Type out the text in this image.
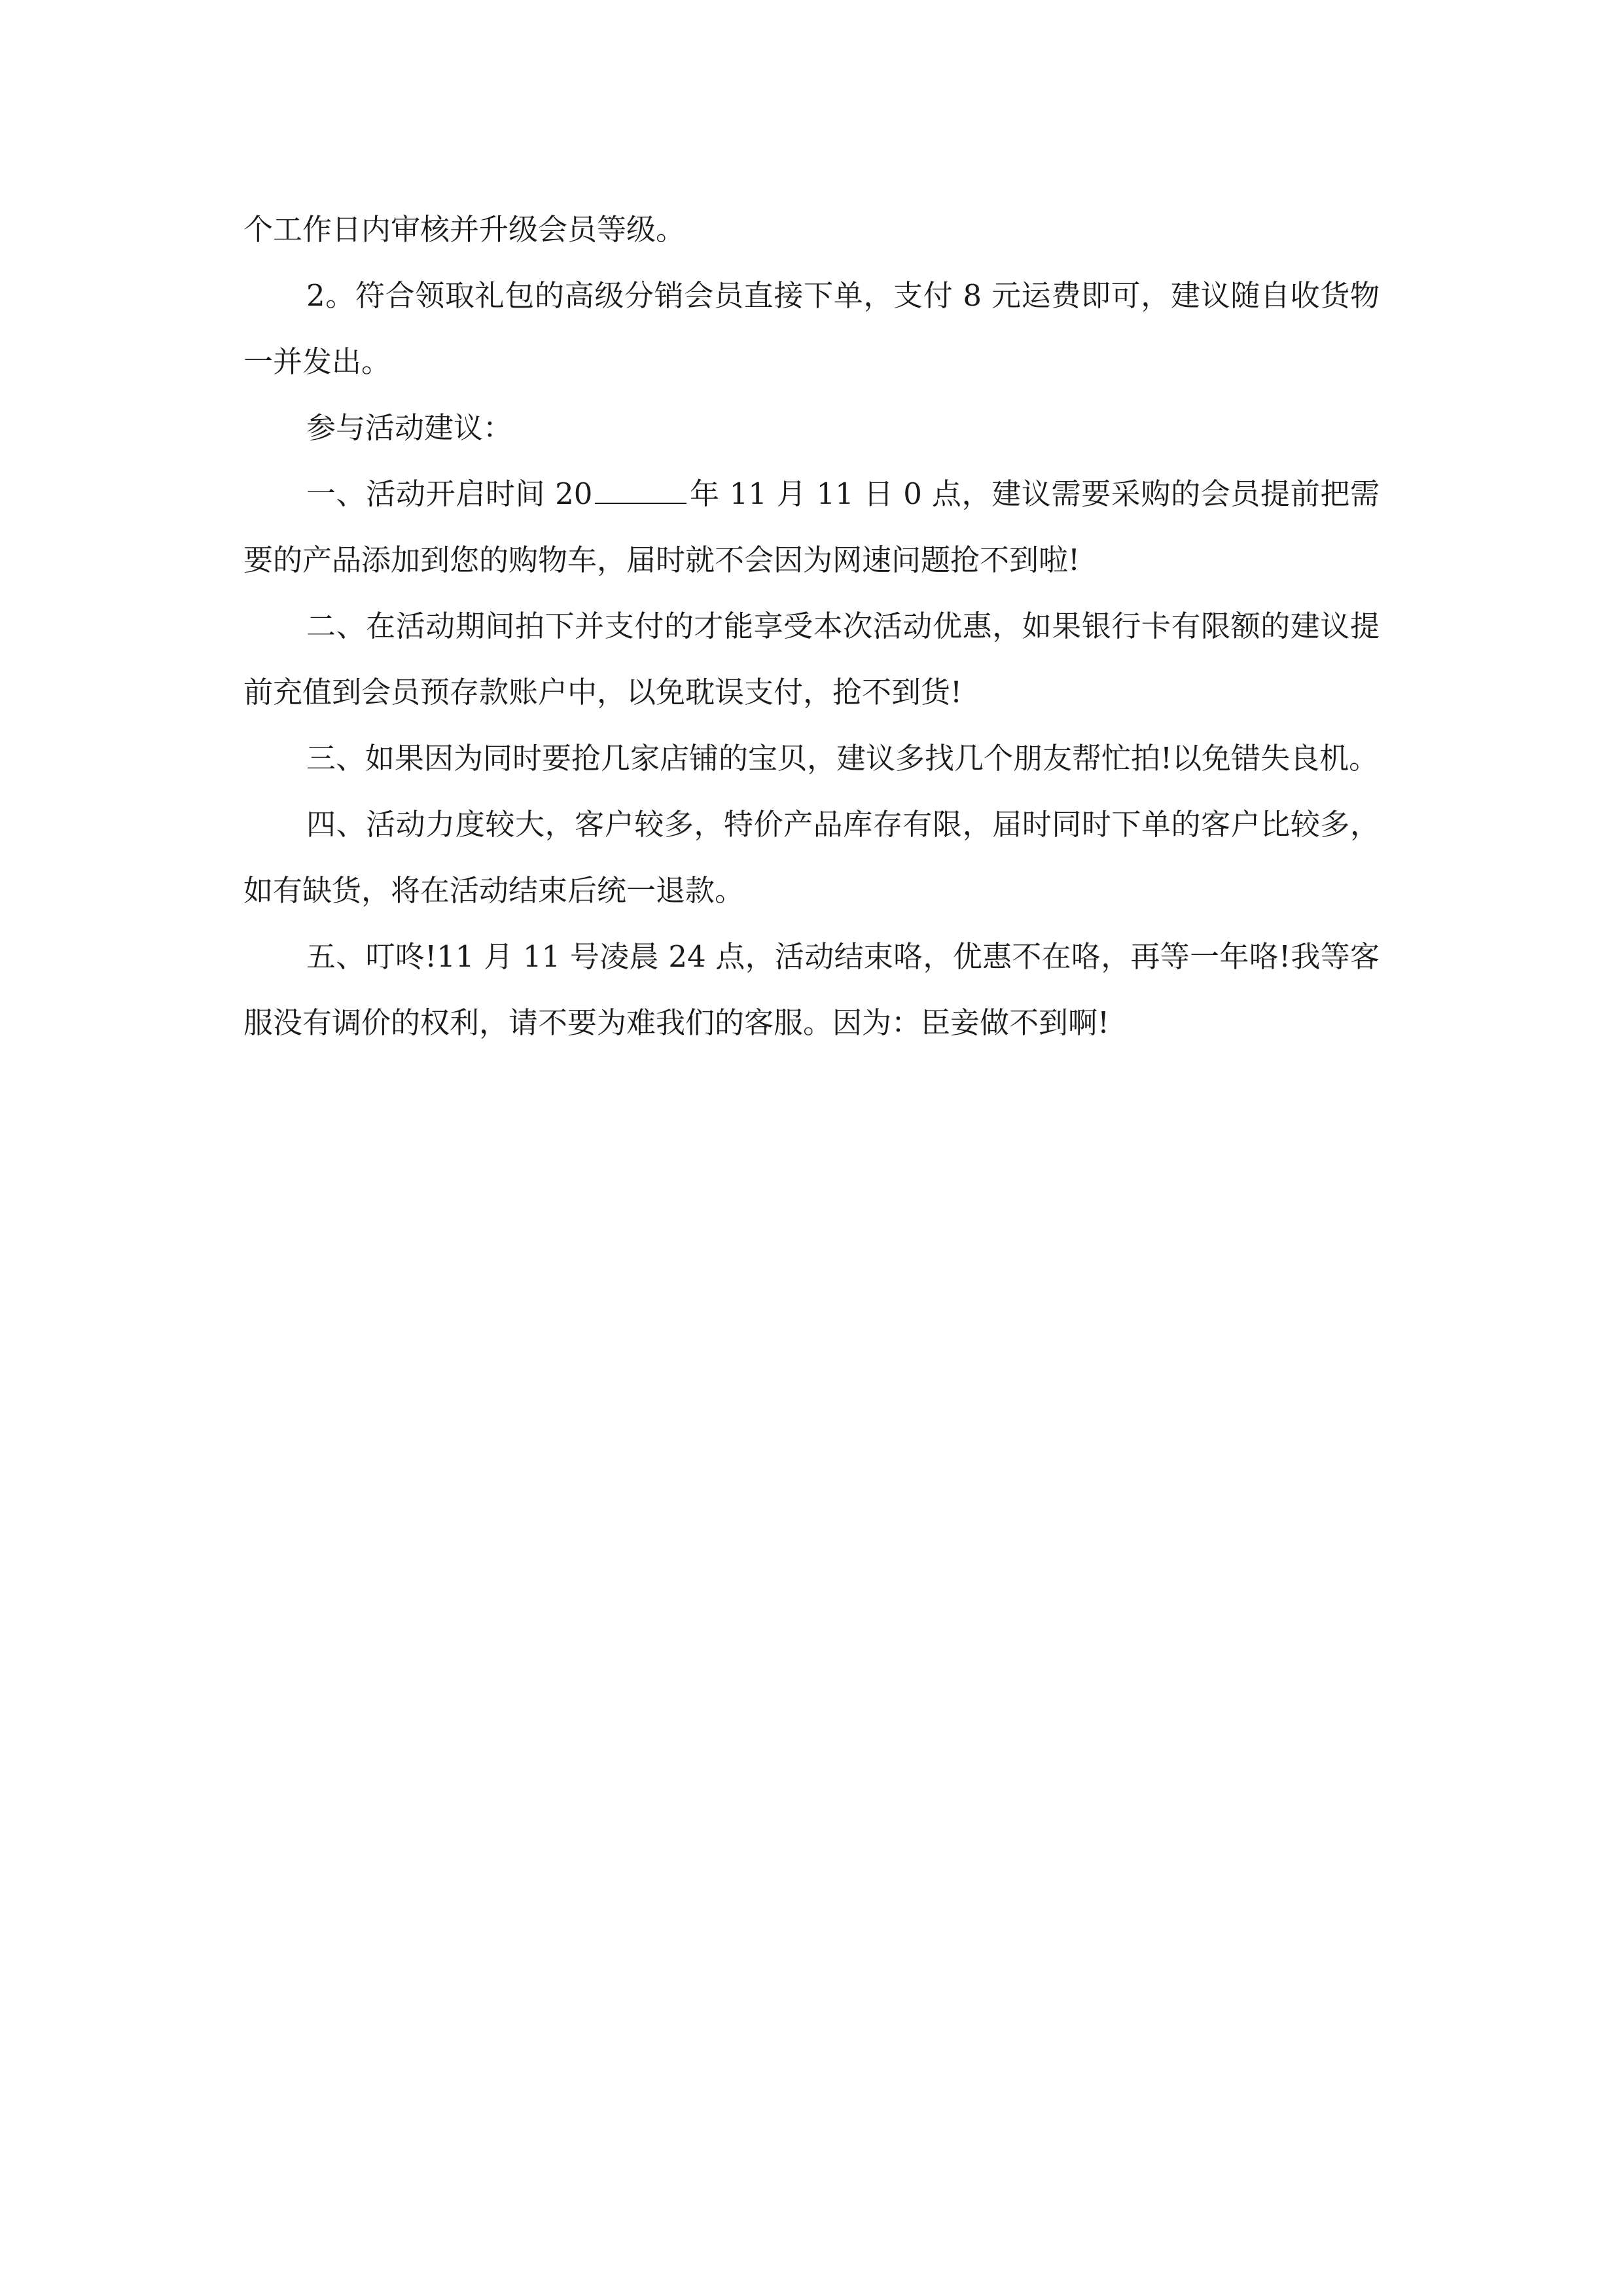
个工作日内审核并升级会员等级。

2。符合领取礼包的高级分销会员直接下单，支付 8 元运费即可，建议随自收货物一并发出。

参与活动建议：

一、活动开启时间 20	年 11 月 11 日 0 点，建议需要采购的会员提前把需要的产品添加到您的购物车，届时就不会因为网速问题抢不到啦!

二、在活动期间拍下并支付的才能享受本次活动优惠，如果银行卡有限额的建议提前充值到会员预存款账户中，以免耽误支付，抢不到货!

三、如果因为同时要抢几家店铺的宝贝，建议多找几个朋友帮忙拍!以免错失良机。

四、活动力度较大，客户较多，特价产品库存有限，届时同时下单的客户比较多，如有缺货，将在活动结束后统一退款。

五、叮咚!11 月 11 号凌晨 24 点，活动结束咯，优惠不在咯，再等一年咯!我等客服没有调价的权利，请不要为难我们的客服。因为：臣妾做不到啊!
